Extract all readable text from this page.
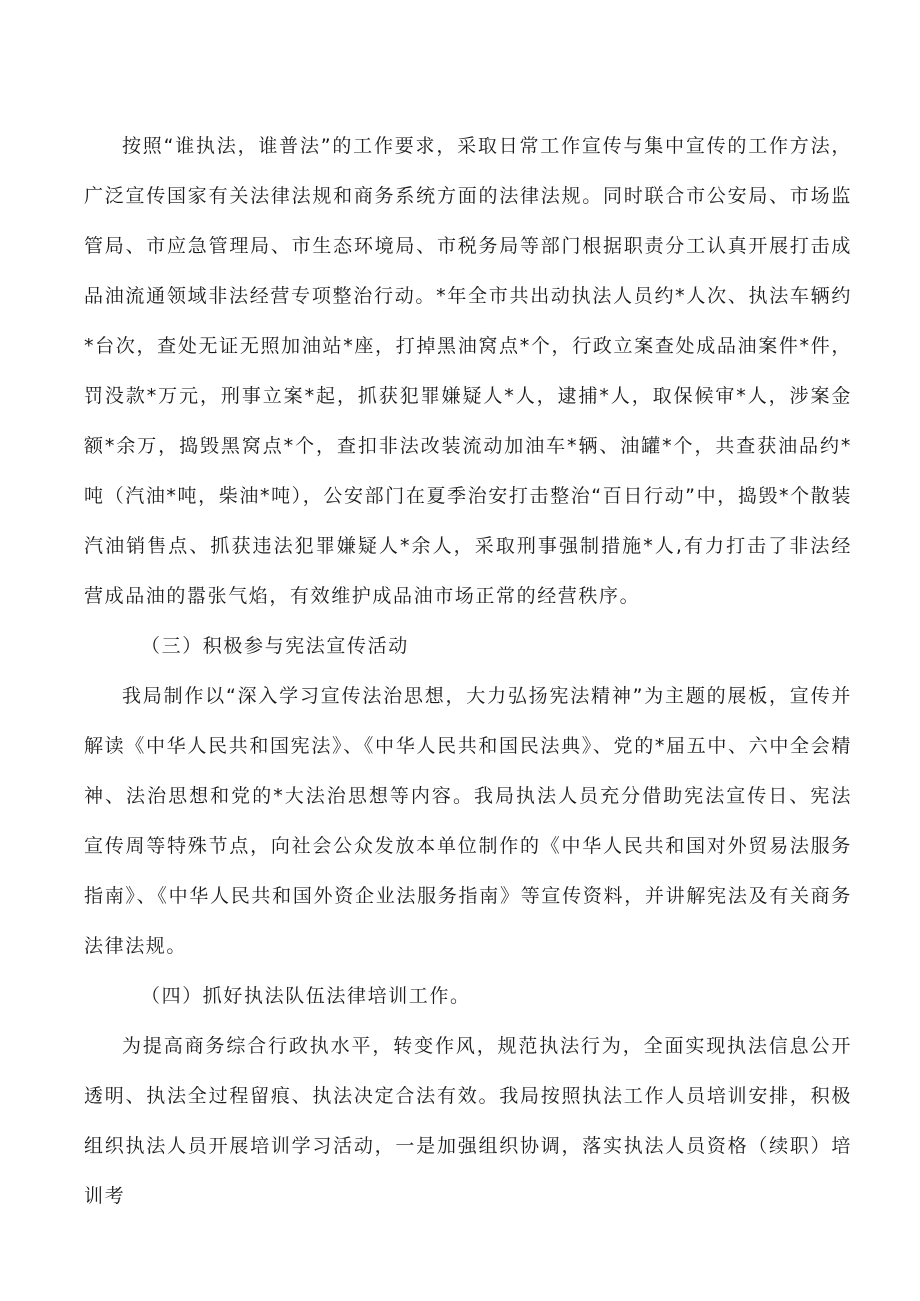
按照“谁执法，谁普法”的工作要求，采取日常工作宣传与集中宣传的工作方法，广泛宣传国家有关法律法规和商务系统方面的法律法规。同时联合市公安局、市场监管局、市应急管理局、市生态环境局、市税务局等部门根据职责分工认真开展打击成品油流通领域非法经营专项整治行动。*年全市共出动执法人员约*人次、执法车辆约*台次，查处无证无照加油站*座，打掉黑油窝点*个，行政立案查处成品油案件*件，罚没款*万元，刑事立案*起，抓获犯罪嫌疑人*人，逮捕*人，取保候审*人，涉案金额*余万，捣毁黑窝点*个，查扣非法改装流动加油车*辆、油罐*个，共查获油品约*吨（汽油*吨，柴油*吨），公安部门在夏季治安打击整治“百日行动”中，捣毁*个散装汽油销售点、抓获违法犯罪嫌疑人*余人，采取刑事强制措施*人,有力打击了非法经营成品油的嚣张气焰，有效维护成品油市场正常的经营秩序。

（三）积极参与宪法宣传活动

我局制作以“深入学习宣传法治思想，大力弘扬宪法精神”为主题的展板，宣传并解读《中华人民共和国宪法》、《中华人民共和国民法典》、党的*届五中、六中全会精神、法治思想和党的*大法治思想等内容。我局执法人员充分借助宪法宣传日、宪法宣传周等特殊节点，向社会公众发放本单位制作的《中华人民共和国对外贸易法服务指南》、《中华人民共和国外资企业法服务指南》等宣传资料，并讲解宪法及有关商务法律法规。

（四）抓好执法队伍法律培训工作。

为提高商务综合行政执水平，转变作风，规范执法行为，全面实现执法信息公开透明、执法全过程留痕、执法决定合法有效。我局按照执法工作人员培训安排，积极组织执法人员开展培训学习活动，一是加强组织协调，落实执法人员资格（续职）培训考
